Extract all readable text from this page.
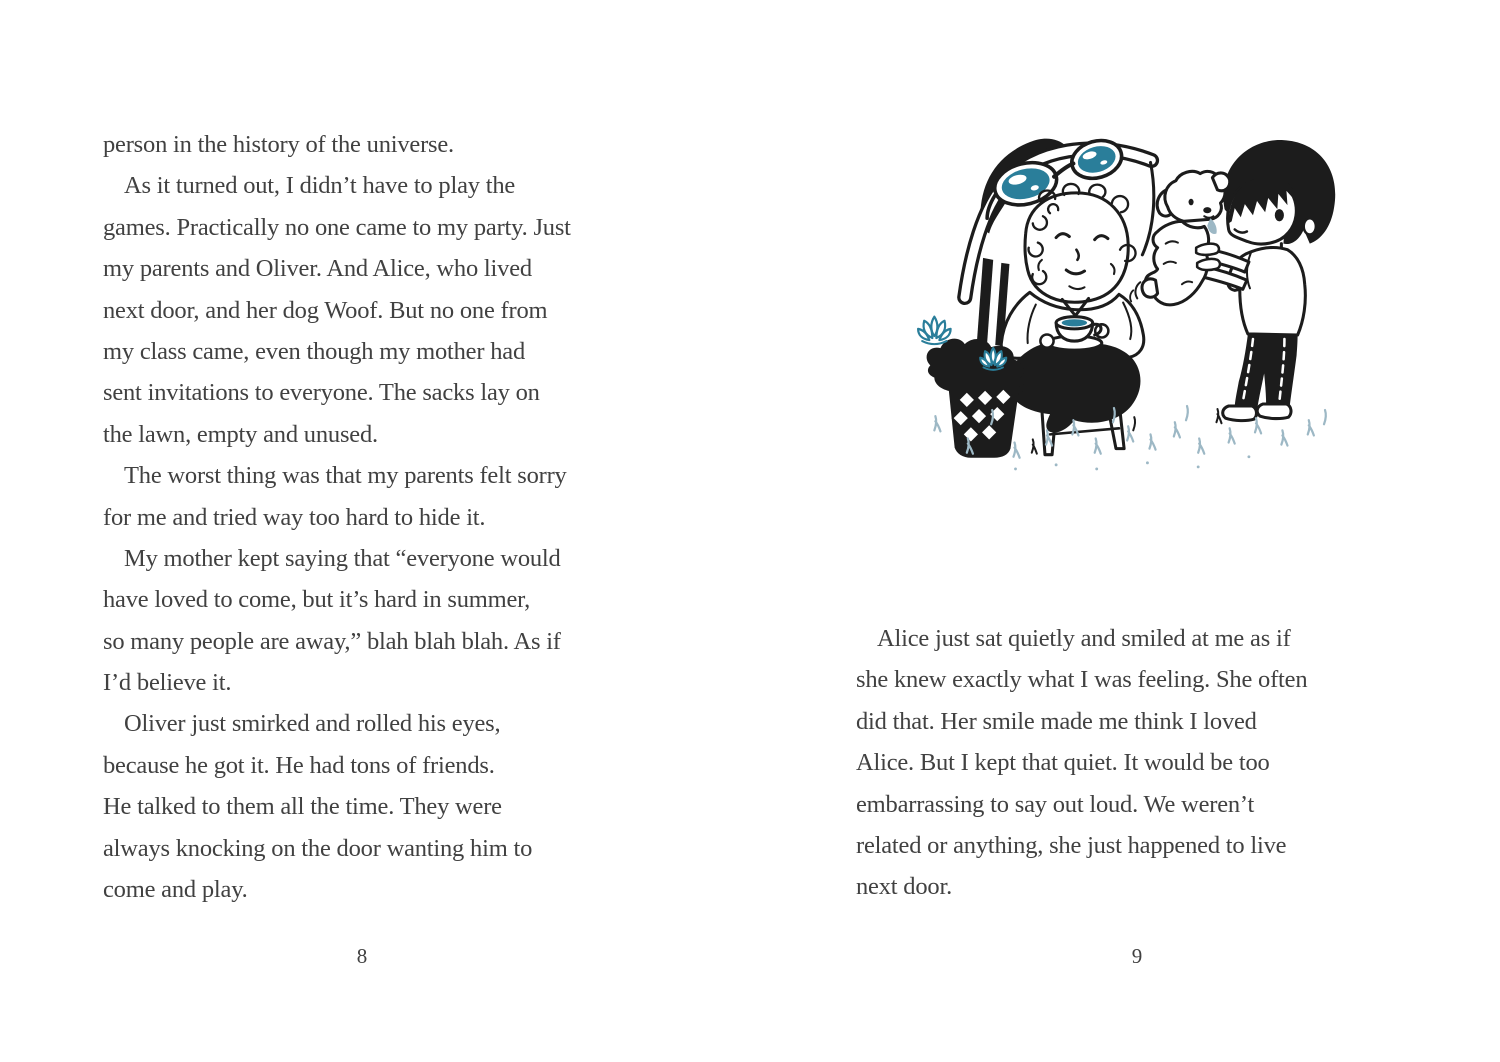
person in the history of the universe.
As it turned out, I didn’t have to play the
games. Practically no one came to my party. Just
my parents and Oliver. And Alice, who lived
next door, and her dog Woof. But no one from
my class came, even though my mother had
sent invitations to everyone. The sacks lay on
the lawn, empty and unused.
The worst thing was that my parents felt sorry
for me and tried way too hard to hide it.
My mother kept saying that “everyone would
have loved to come, but it’s hard in summer,
so many people are away,” blah blah blah. As if
I’d believe it.
Oliver just smirked and rolled his eyes,
because he got it. He had tons of friends.
He talked to them all the time. They were
always knocking on the door wanting him to
come and play.
8
Alice just sat quietly and smiled at me as if
she knew exactly what I was feeling. She often
did that. Her smile made me think I loved
Alice. But I kept that quiet. It would be too
embarrassing to say out loud. We weren’t
related or anything, she just happened to live
next door.
9
